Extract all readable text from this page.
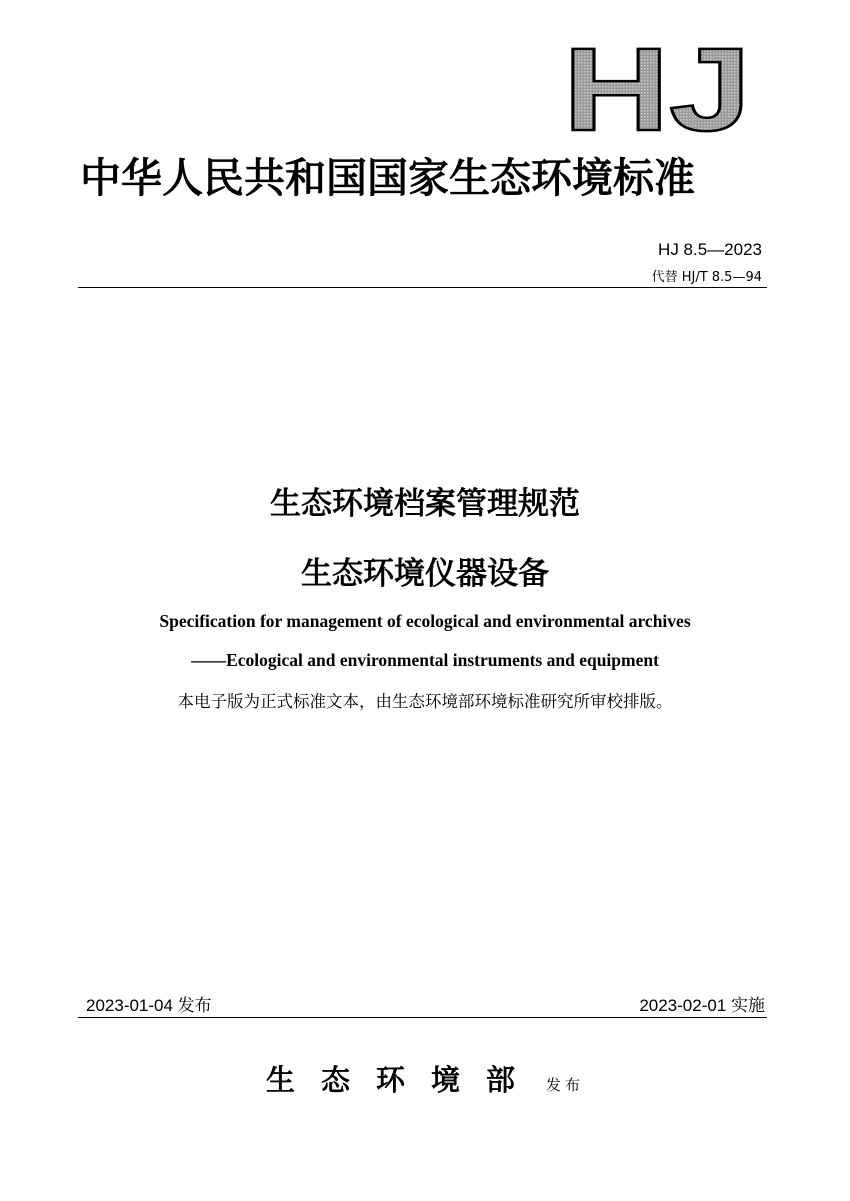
HJ
中华人民共和国国家生态环境标准
HJ 8.5—2023
代替 HJ/T 8.5—94
生态环境档案管理规范
生态环境仪器设备
Specification for management of ecological and environmental archives
——Ecological and environmental instruments and equipment
本电子版为正式标准文本，由生态环境部环境标准研究所审校排版。
2023-01-04 发布	2023-02-01 实施
生态环境部 发布
